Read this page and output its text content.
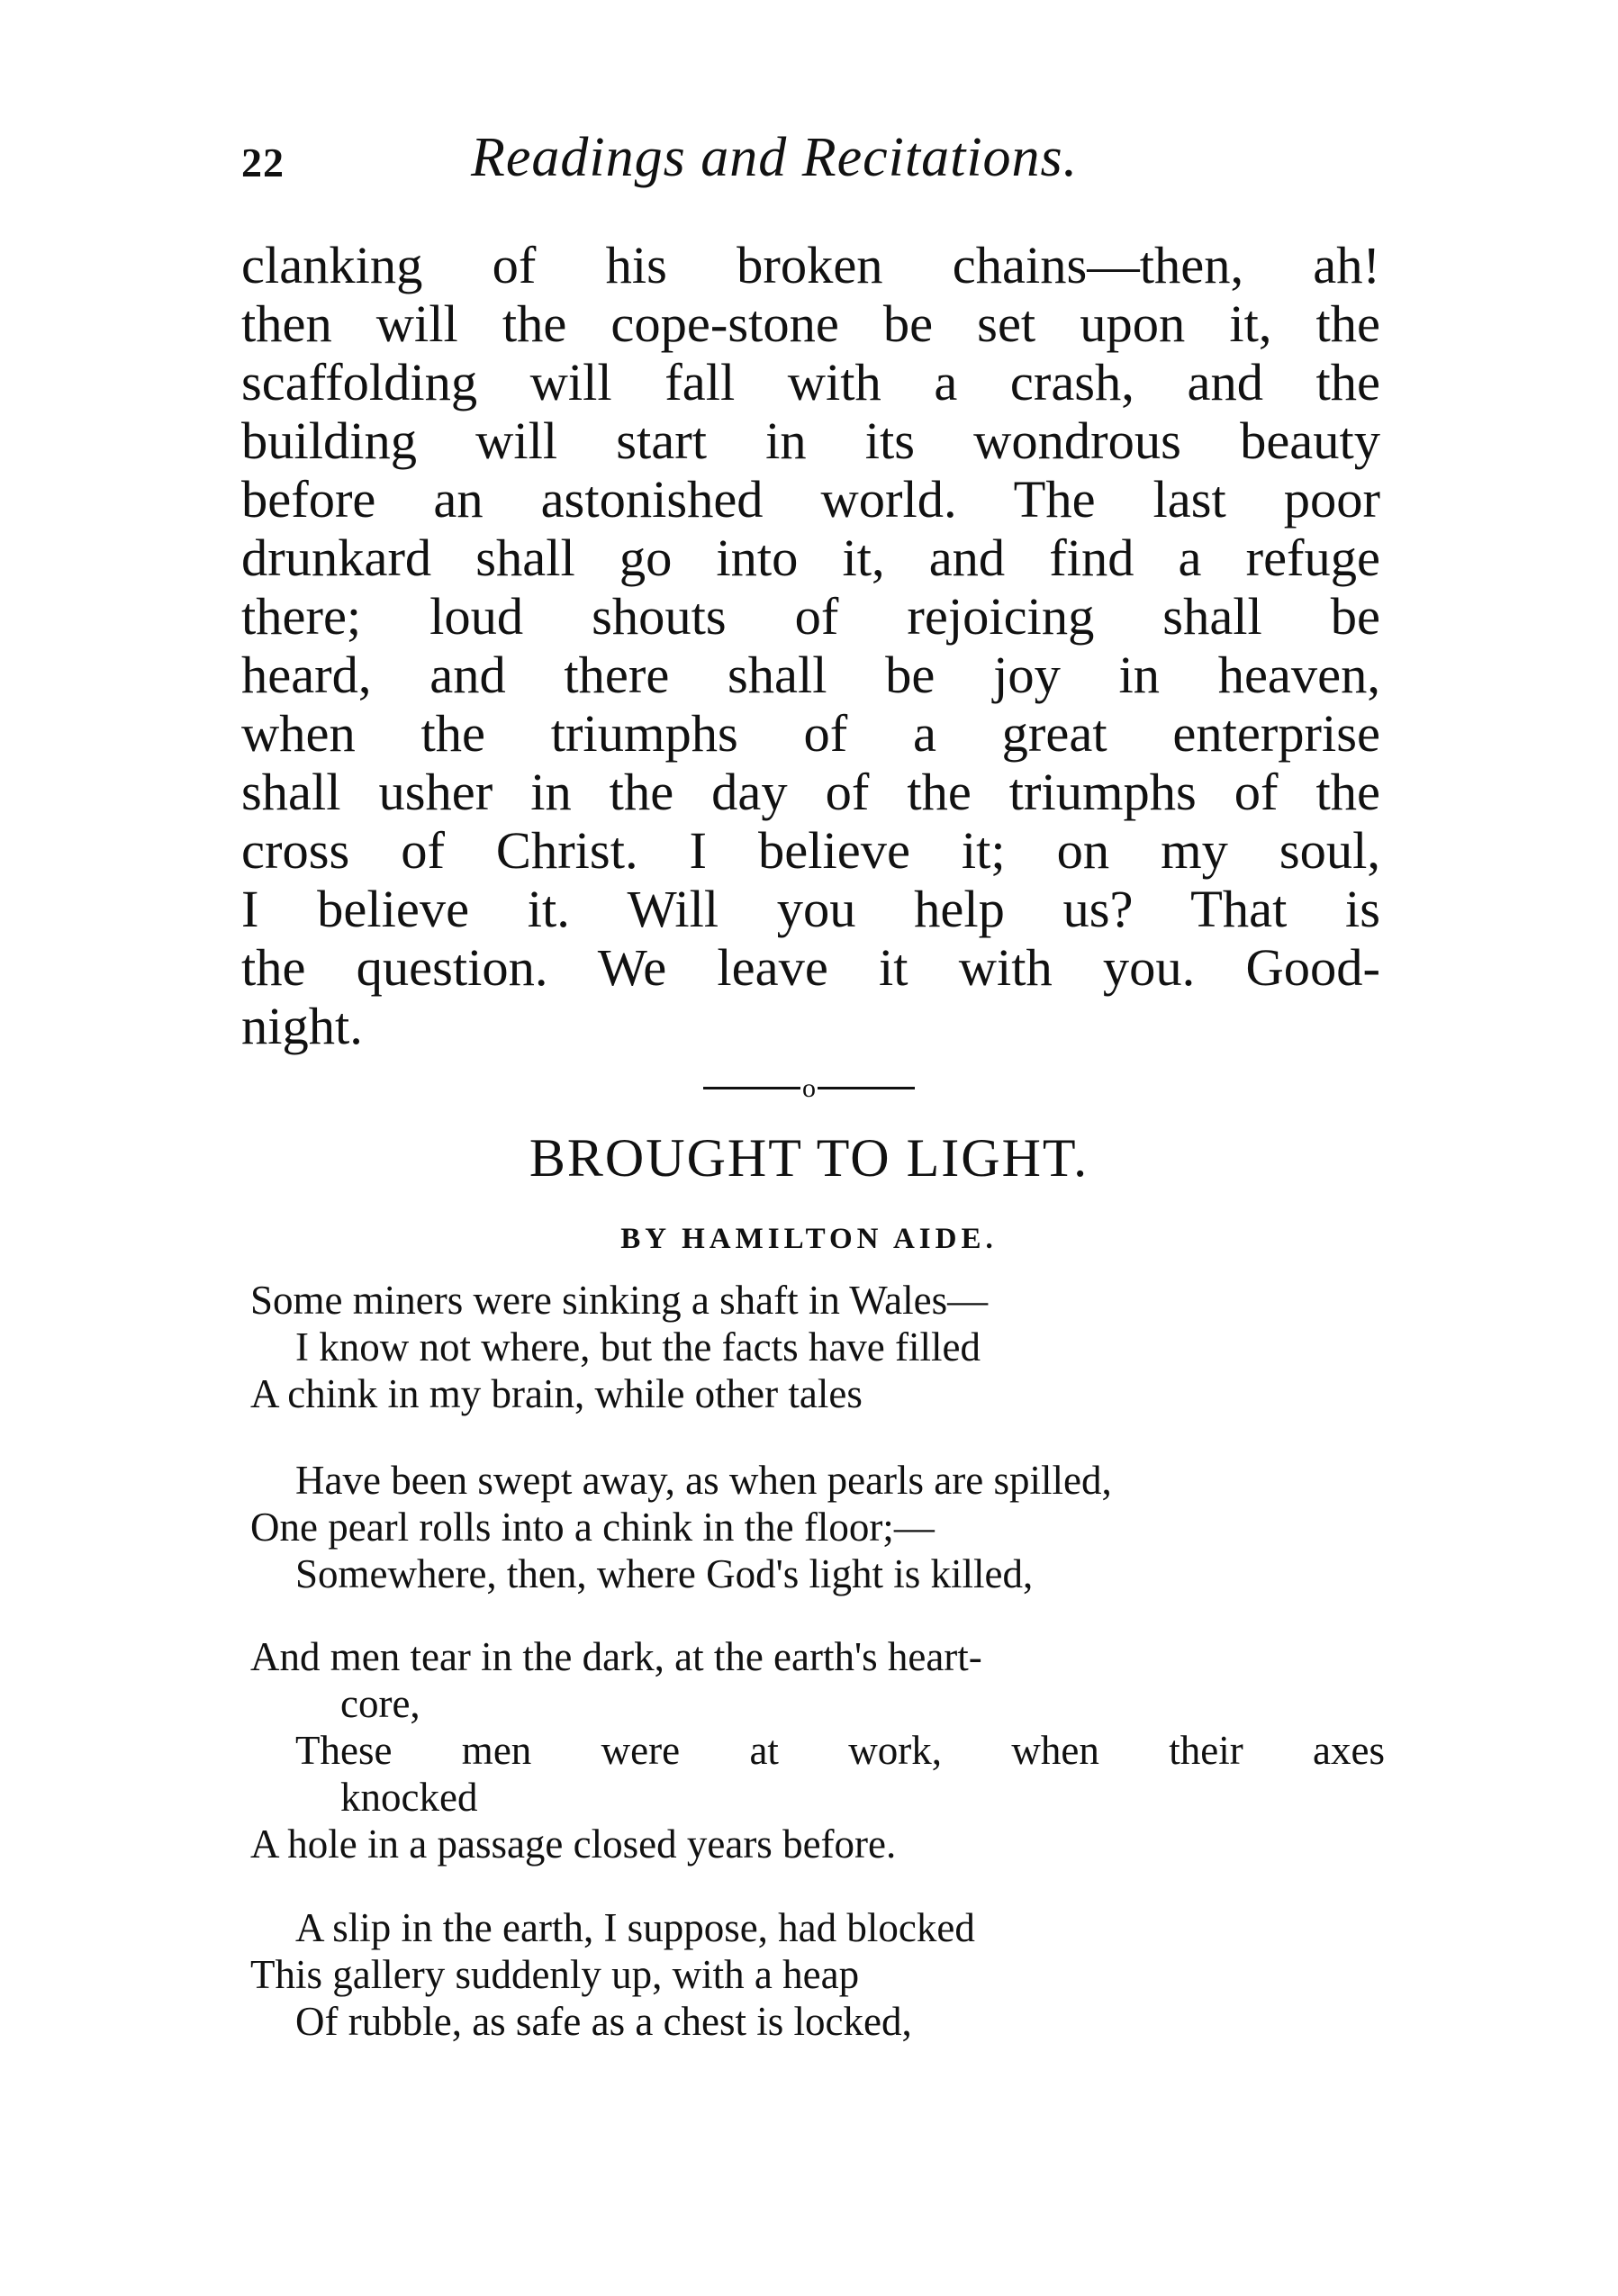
22	Readings and Recitations.
clanking of his broken chains—then, ah!
then will the cope-stone be set upon it, the
scaffolding will fall with a crash, and the
building will start in its wondrous beauty
before an astonished world. The last poor
drunkard shall go into it, and find a refuge
there; loud shouts of rejoicing shall be
heard, and there shall be joy in heaven,
when the triumphs of a great enterprise
shall usher in the day of the triumphs of the
cross of Christ. I believe it; on my soul,
I believe it. Will you help us? That is
the question. We leave it with you. Good-
night.
o
BROUGHT TO LIGHT.
BY HAMILTON AIDE.
Some miners were sinking a shaft in Wales—
I know not where, but the facts have filled
A chink in my brain, while other tales
Have been swept away, as when pearls are spilled,
One pearl rolls into a chink in the floor;—
Somewhere, then, where God's light is killed,
And men tear in the dark, at the earth's heart-
core,
These men were at work, when their axes
knocked
A hole in a passage closed years before.
A slip in the earth, I suppose, had blocked
This gallery suddenly up, with a heap
Of rubble, as safe as a chest is locked,
